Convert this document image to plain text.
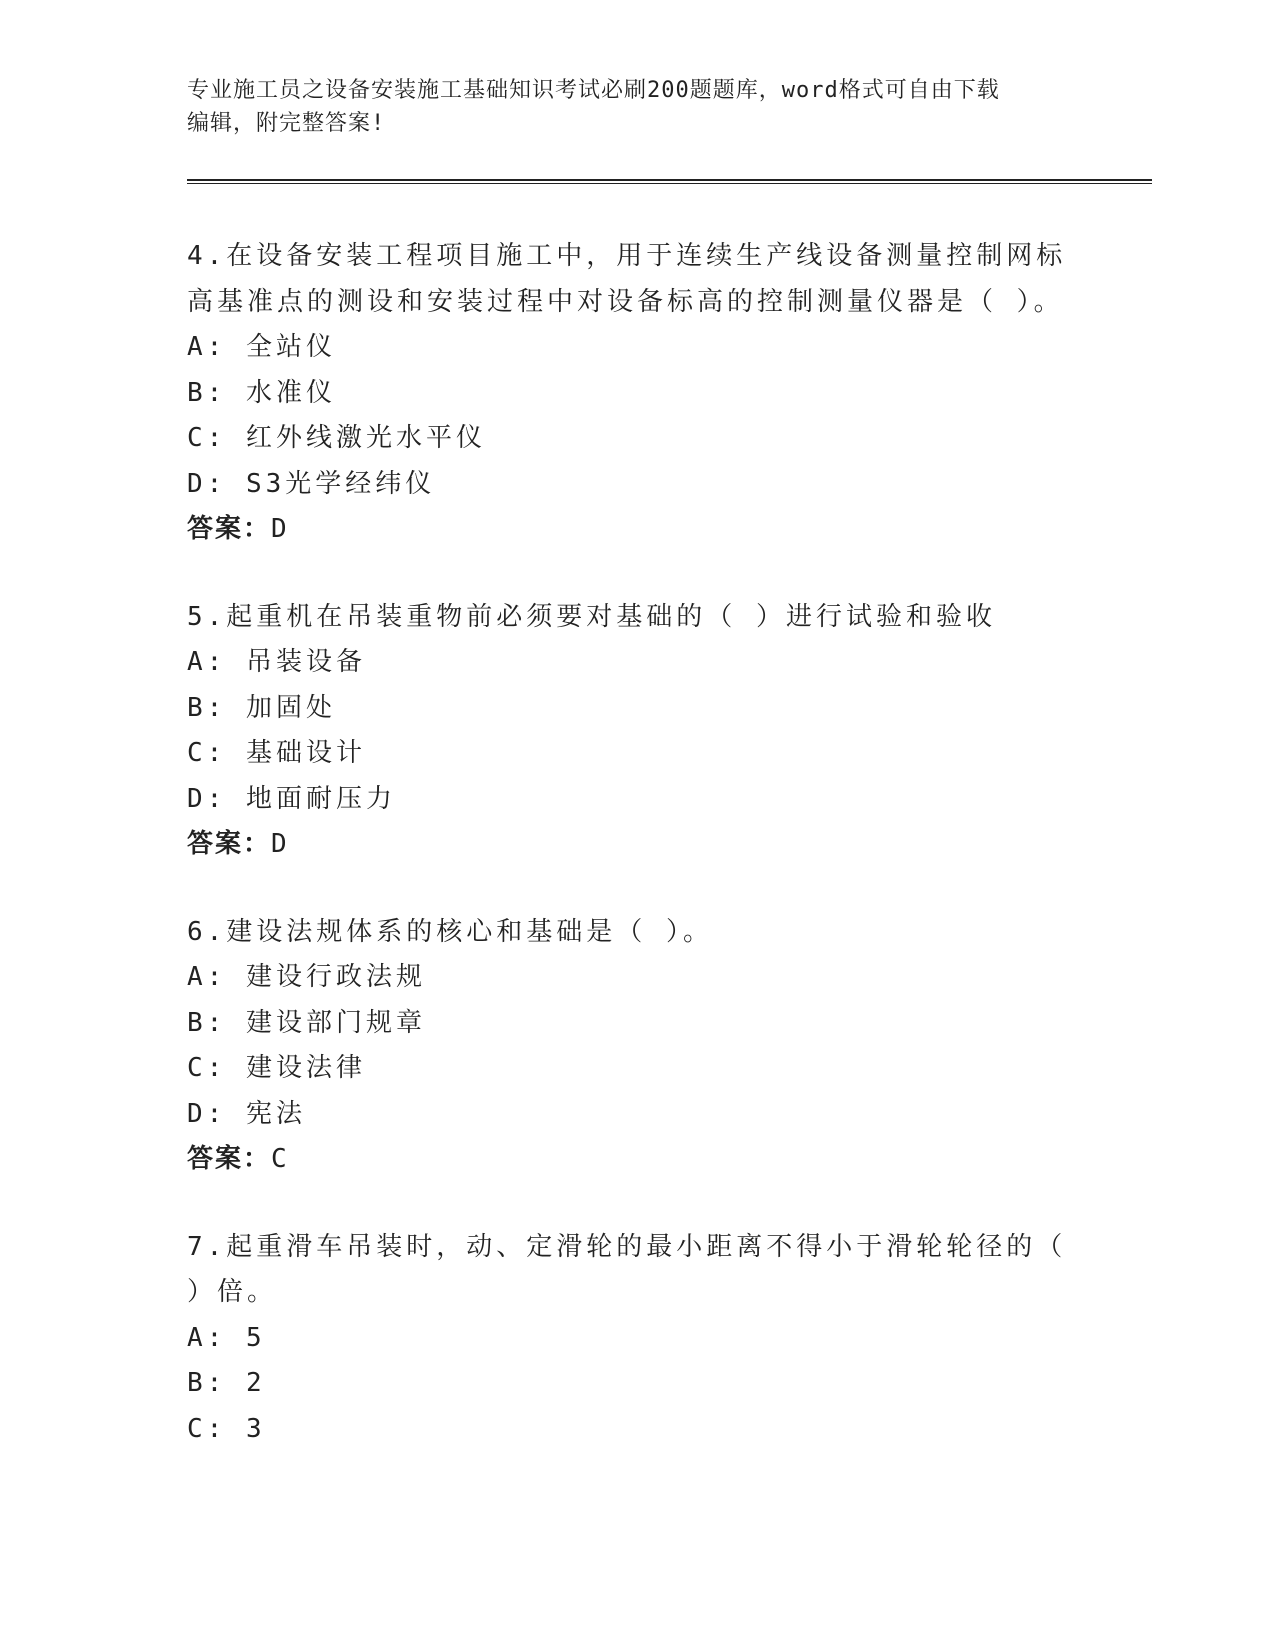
专业施工员之设备安装施工基础知识考试必刷200题题库，word格式可自由下载
编辑，附完整答案!

4.在设备安装工程项目施工中，用于连续生产线设备测量控制网标高基准点的测设和安装过程中对设备标高的控制测量仪器是（ ）。

A: 全站仪

B: 水准仪

C: 红外线激光水平仪

D: S3光学经纬仪

答案：D

5.起重机在吊装重物前必须要对基础的（ ）进行试验和验收

A: 吊装设备

B: 加固处

C: 基础设计

D: 地面耐压力

答案：D

6.建设法规体系的核心和基础是（ ）。

A: 建设行政法规

B: 建设部门规章

C: 建设法律

D: 宪法

答案：C

7.起重滑车吊装时，动、定滑轮的最小距离不得小于滑轮轮径的（ ）倍。

A: 5

B: 2

C: 3
